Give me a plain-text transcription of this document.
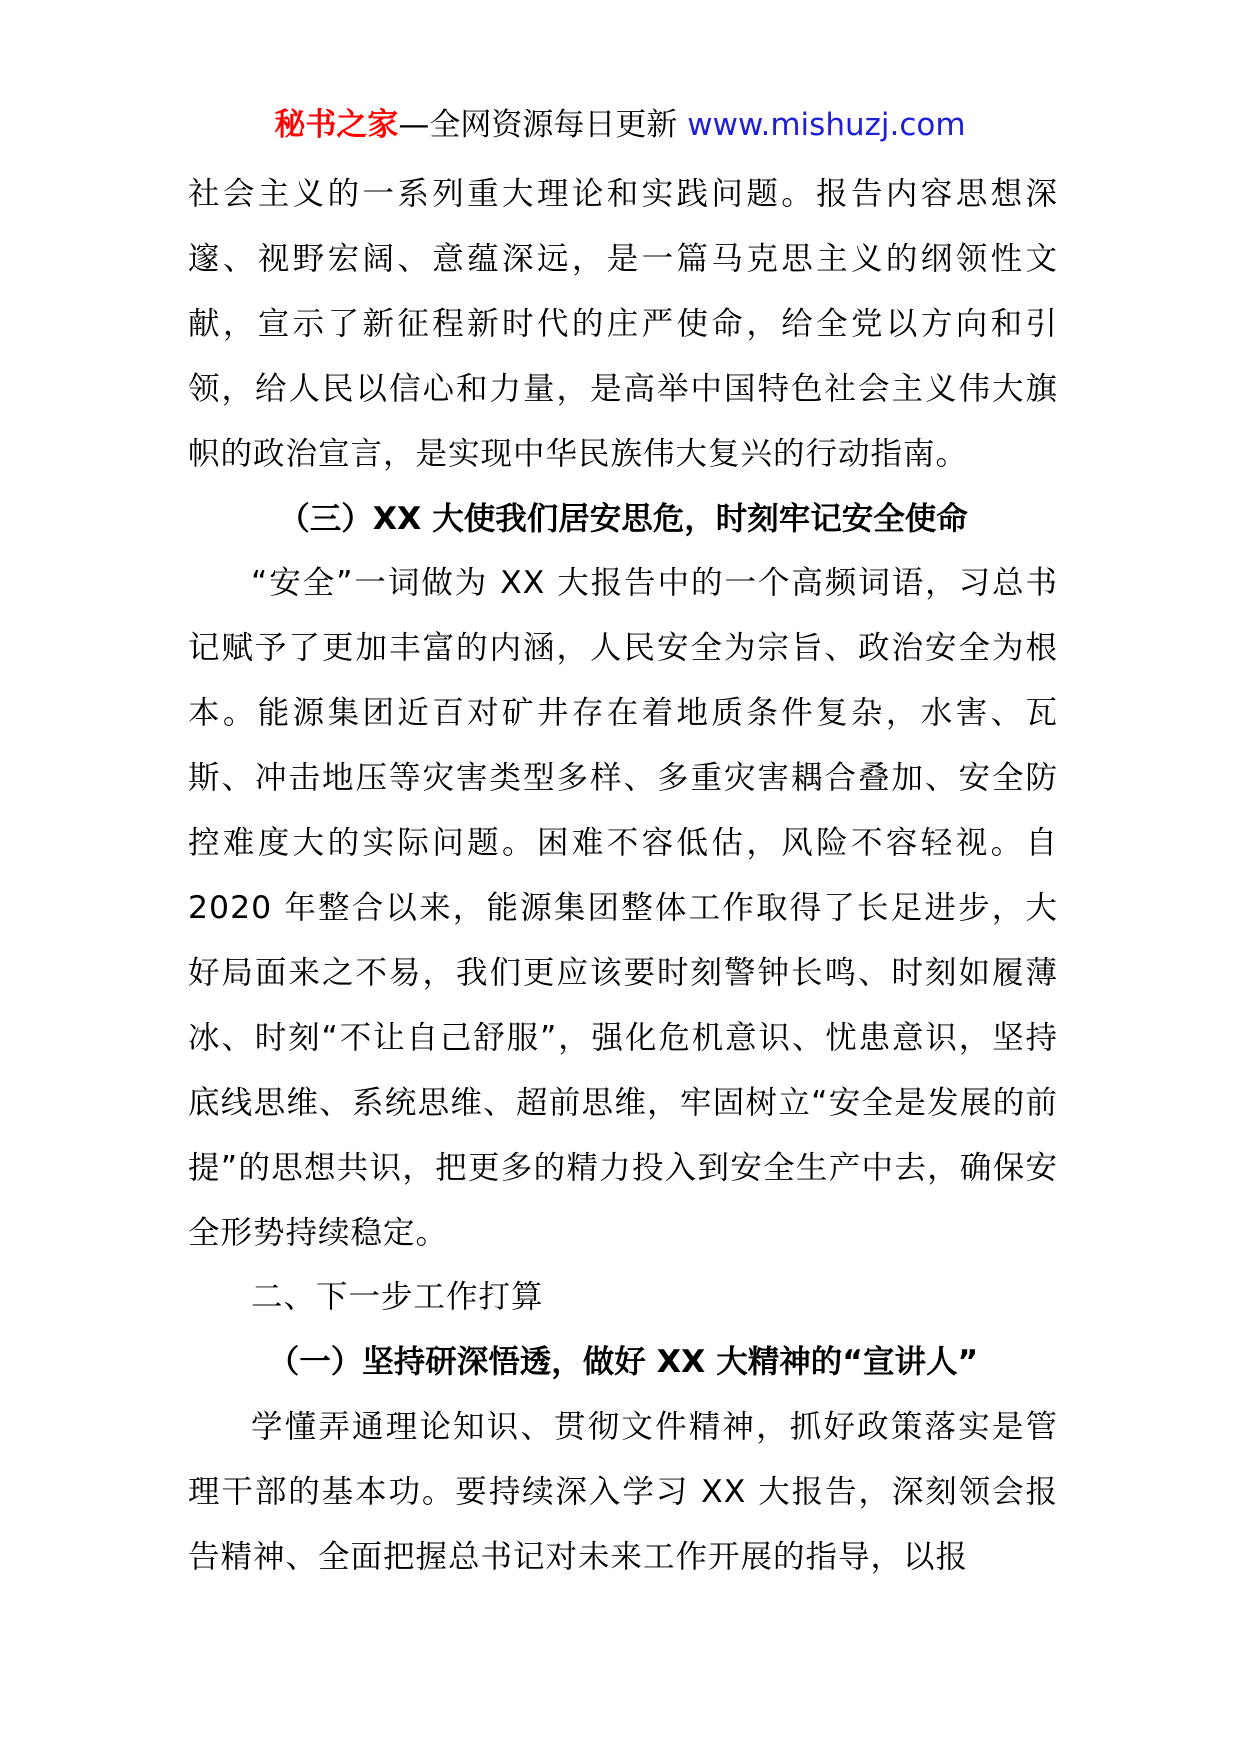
秘书之家—全网资源每日更新 www.mishuzj.com

社会主义的一系列重大理论和实践问题。报告内容思想深邃、视野宏阔、意蕴深远，是一篇马克思主义的纲领性文献，宣示了新征程新时代的庄严使命，给全党以方向和引领，给人民以信心和力量，是高举中国特色社会主义伟大旗帜的政治宣言，是实现中华民族伟大复兴的行动指南。

（三）XX 大使我们居安思危，时刻牢记安全使命

“安全”一词做为 XX 大报告中的一个高频词语，习总书记赋予了更加丰富的内涵，人民安全为宗旨、政治安全为根本。能源集团近百对矿井存在着地质条件复杂，水害、瓦斯、冲击地压等灾害类型多样、多重灾害耦合叠加、安全防控难度大的实际问题。困难不容低估，风险不容轻视。自 2020 年整合以来，能源集团整体工作取得了长足进步，大好局面来之不易，我们更应该要时刻警钟长鸣、时刻如履薄冰、时刻“不让自己舒服”，强化危机意识、忧患意识，坚持底线思维、系统思维、超前思维，牢固树立“安全是发展的前提”的思想共识，把更多的精力投入到安全生产中去，确保安全形势持续稳定。

二、下一步工作打算

（一）坚持研深悟透，做好 XX 大精神的“宣讲人”

学懂弄通理论知识、贯彻文件精神，抓好政策落实是管理干部的基本功。要持续深入学习 XX 大报告，深刻领会报告精神、全面把握总书记对未来工作开展的指导，以报
